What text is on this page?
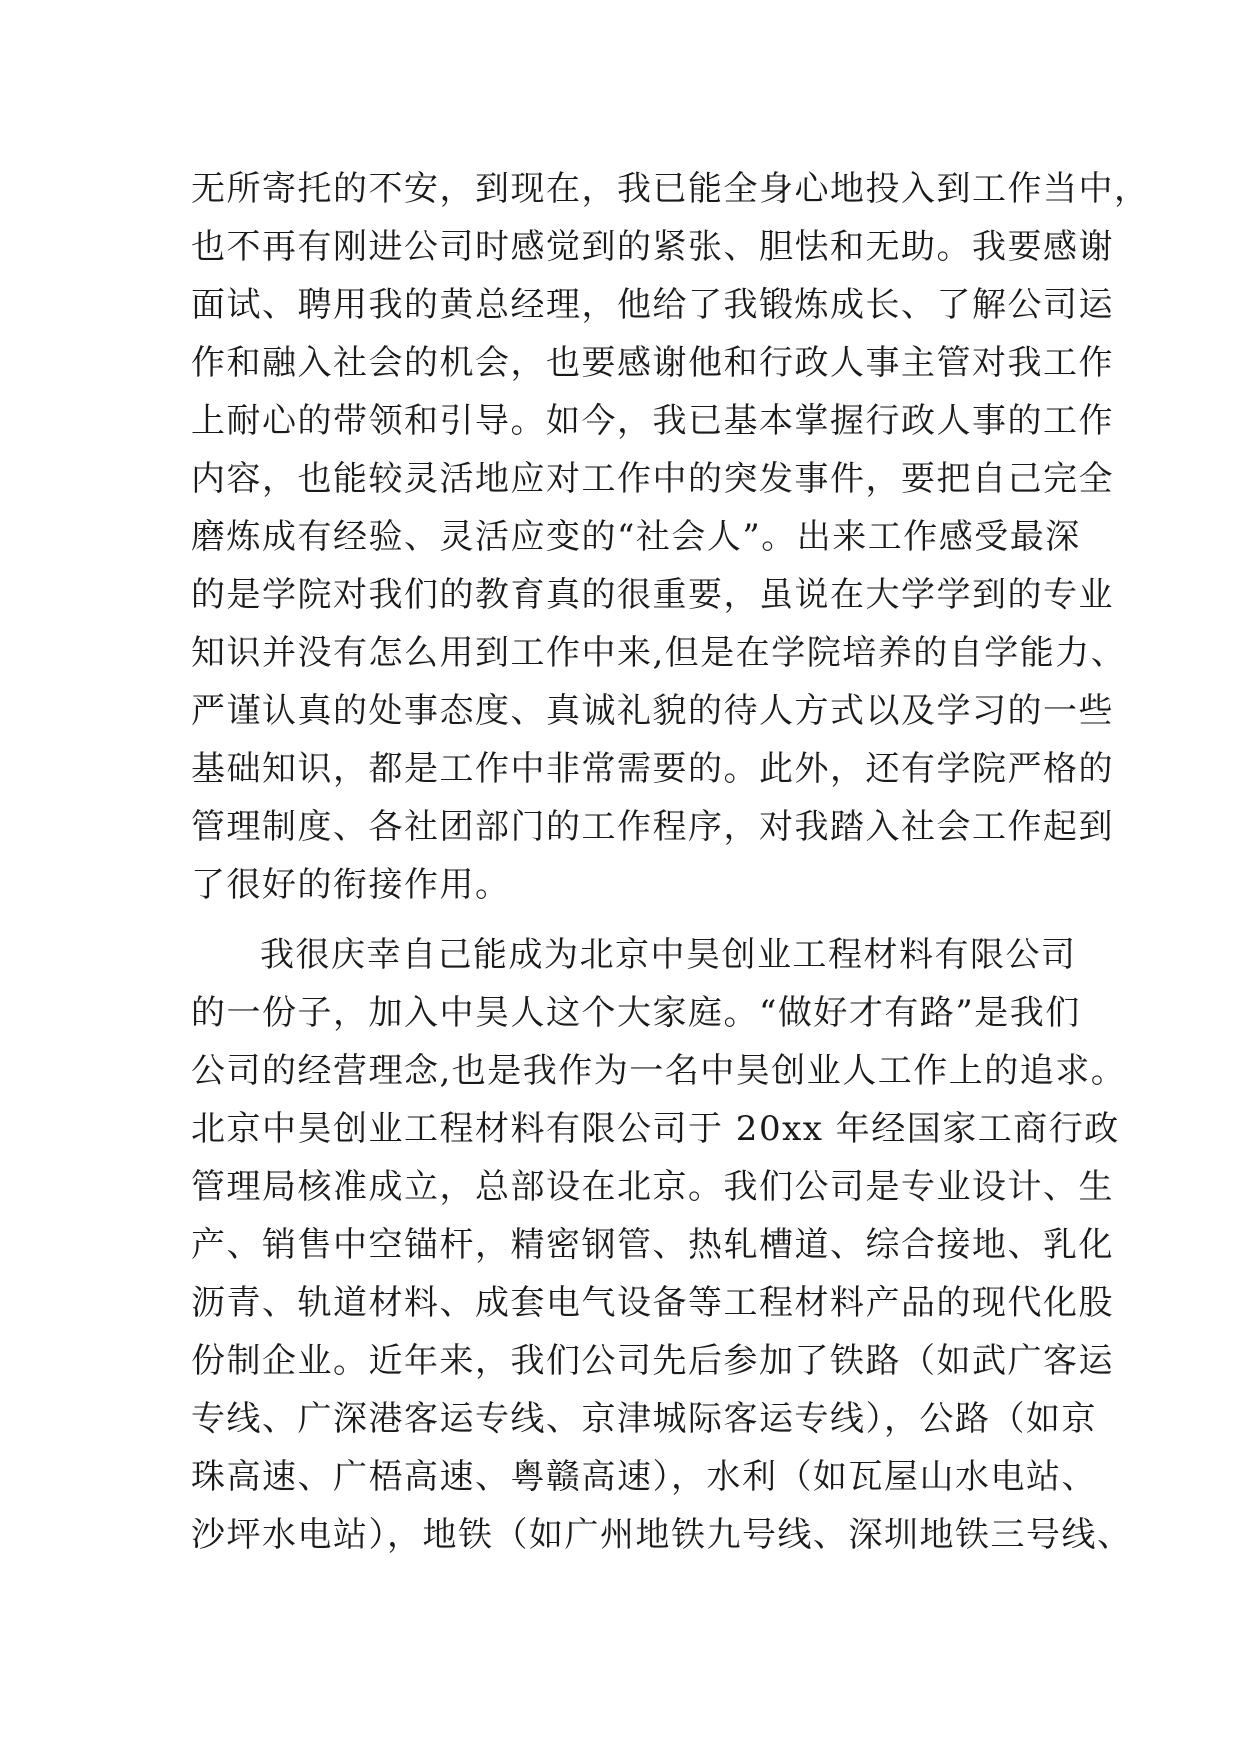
无所寄托的不安，到现在，我已能全身心地投入到工作当中，
也不再有刚进公司时感觉到的紧张、胆怯和无助。我要感谢
面试、聘用我的黄总经理，他给了我锻炼成长、了解公司运
作和融入社会的机会，也要感谢他和行政人事主管对我工作
上耐心的带领和引导。如今，我已基本掌握行政人事的工作
内容，也能较灵活地应对工作中的突发事件，要把自己完全
磨炼成有经验、灵活应变的“社会人”。出来工作感受最深
的是学院对我们的教育真的很重要，虽说在大学学到的专业
知识并没有怎么用到工作中来,但是在学院培养的自学能力、
严谨认真的处事态度、真诚礼貌的待人方式以及学习的一些
基础知识，都是工作中非常需要的。此外，还有学院严格的
管理制度、各社团部门的工作程序，对我踏入社会工作起到
了很好的衔接作用。
我很庆幸自己能成为北京中昊创业工程材料有限公司
的一份子，加入中昊人这个大家庭。“做好才有路”是我们
公司的经营理念,也是我作为一名中昊创业人工作上的追求。
北京中昊创业工程材料有限公司于 20xx 年经国家工商行政
管理局核准成立，总部设在北京。我们公司是专业设计、生
产、销售中空锚杆，精密钢管、热轧槽道、综合接地、乳化
沥青、轨道材料、成套电气设备等工程材料产品的现代化股
份制企业。近年来，我们公司先后参加了铁路（如武广客运
专线、广深港客运专线、京津城际客运专线），公路（如京
珠高速、广梧高速、粤赣高速），水利（如瓦屋山水电站、
沙坪水电站），地铁（如广州地铁九号线、深圳地铁三号线、
